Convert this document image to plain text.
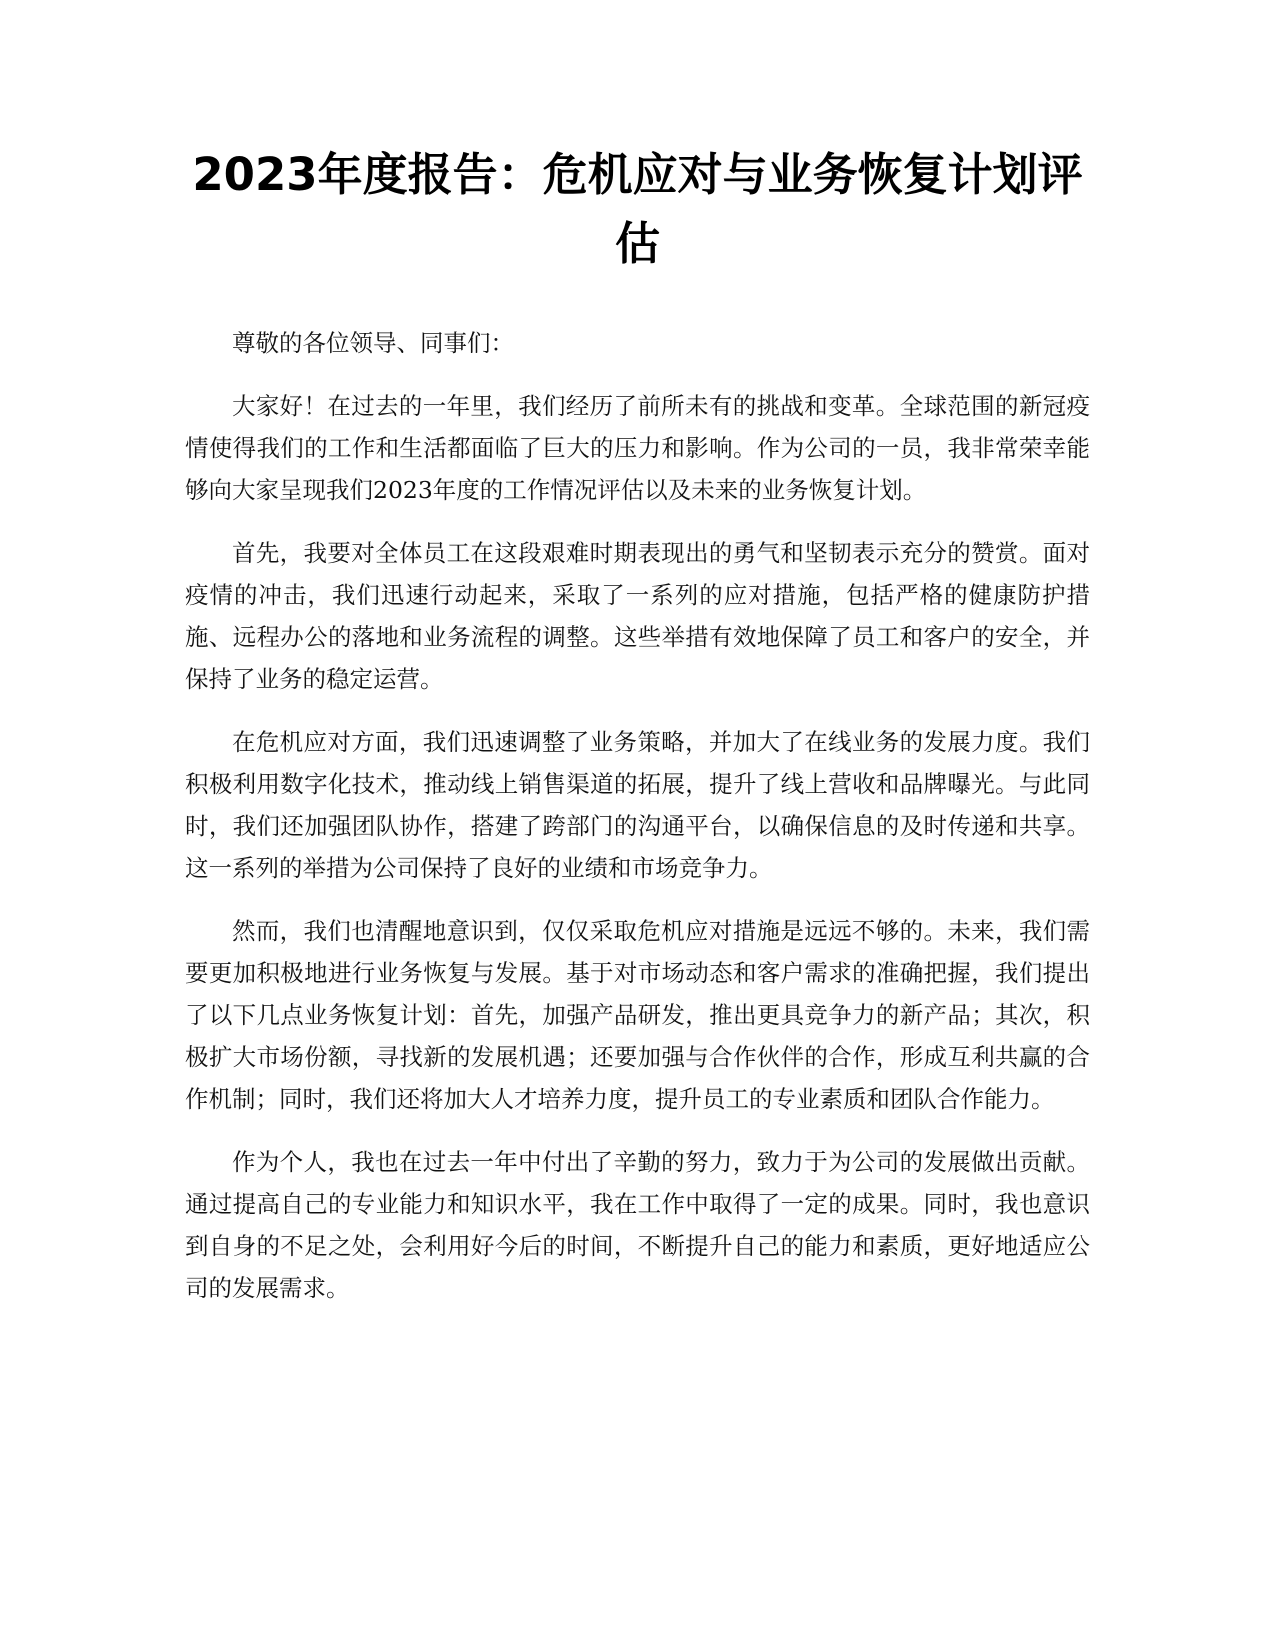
2023年度报告：危机应对与业务恢复计划评估

尊敬的各位领导、同事们：

大家好！在过去的一年里，我们经历了前所未有的挑战和变革。全球范围的新冠疫情使得我们的工作和生活都面临了巨大的压力和影响。作为公司的一员，我非常荣幸能够向大家呈现我们2023年度的工作情况评估以及未来的业务恢复计划。

首先，我要对全体员工在这段艰难时期表现出的勇气和坚韧表示充分的赞赏。面对疫情的冲击，我们迅速行动起来，采取了一系列的应对措施，包括严格的健康防护措施、远程办公的落地和业务流程的调整。这些举措有效地保障了员工和客户的安全，并保持了业务的稳定运营。

在危机应对方面，我们迅速调整了业务策略，并加大了在线业务的发展力度。我们积极利用数字化技术，推动线上销售渠道的拓展，提升了线上营收和品牌曝光。与此同时，我们还加强团队协作，搭建了跨部门的沟通平台，以确保信息的及时传递和共享。这一系列的举措为公司保持了良好的业绩和市场竞争力。

然而，我们也清醒地意识到，仅仅采取危机应对措施是远远不够的。未来，我们需要更加积极地进行业务恢复与发展。基于对市场动态和客户需求的准确把握，我们提出了以下几点业务恢复计划：首先，加强产品研发，推出更具竞争力的新产品；其次，积极扩大市场份额，寻找新的发展机遇；还要加强与合作伙伴的合作，形成互利共赢的合作机制；同时，我们还将加大人才培养力度，提升员工的专业素质和团队合作能力。

作为个人，我也在过去一年中付出了辛勤的努力，致力于为公司的发展做出贡献。通过提高自己的专业能力和知识水平，我在工作中取得了一定的成果。同时，我也意识到自身的不足之处，会利用好今后的时间，不断提升自己的能力和素质，更好地适应公司的发展需求。
